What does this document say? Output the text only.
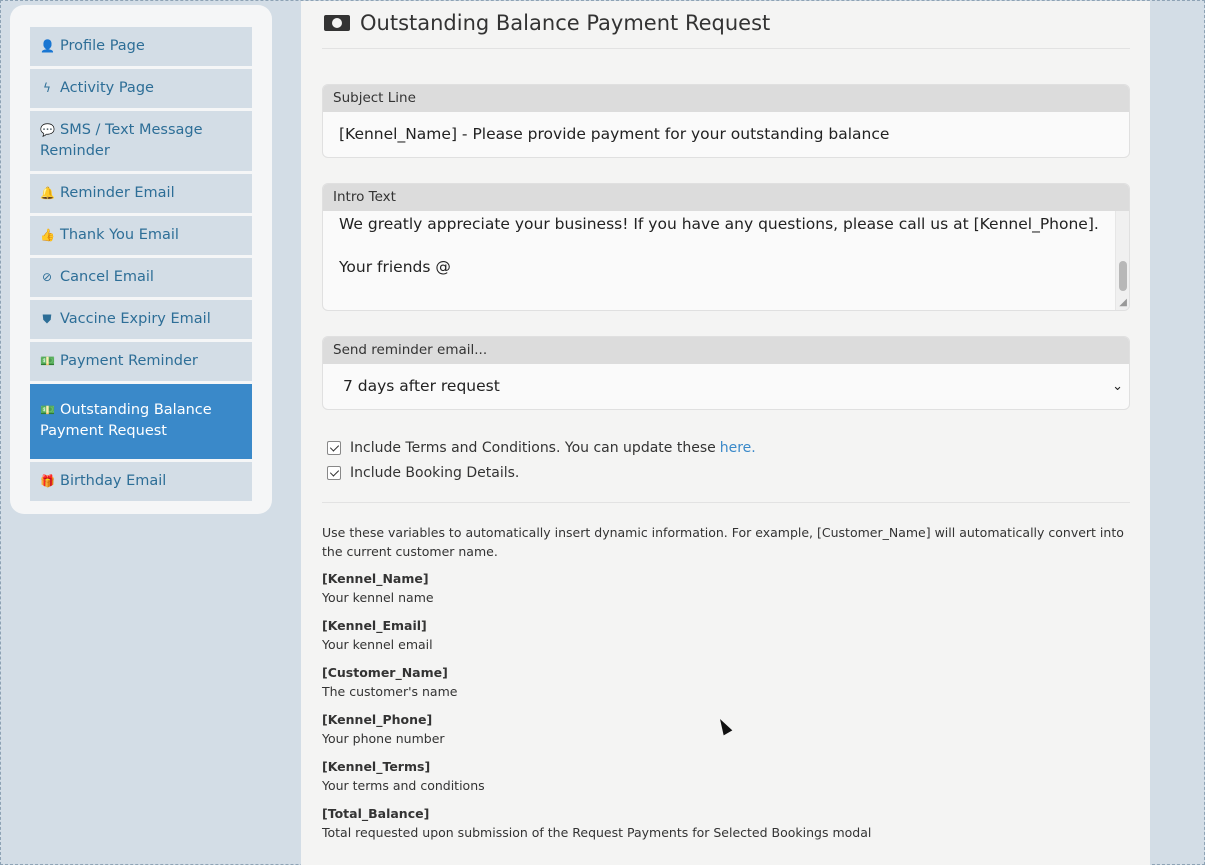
👤 Profile Page
ϟ Activity Page
💬 SMS / Text Message Reminder
🔔 Reminder Email
👍 Thank You Email
⊘ Cancel Email
⛊ Vaccine Expiry Email
💵 Payment Reminder
💵 Outstanding Balance Payment Request
🎁 Birthday Email
Outstanding Balance Payment Request
Subject Line
[Kennel_Name] - Please provide payment for your outstanding balance
Intro Text
We greatly appreciate your business! If you have any questions, please call us at [Kennel_Phone].
Your friends @
◢
Send reminder email...
7 days after request	⌄
Include Terms and Conditions. You can update these here.
Include Booking Details.
Use these variables to automatically insert dynamic information. For example, [Customer_Name] will automatically convert into the current customer name.
[Kennel_Name]
Your kennel name
[Kennel_Email]
Your kennel email
[Customer_Name]
The customer's name
[Kennel_Phone]
Your phone number
[Kennel_Terms]
Your terms and conditions
[Total_Balance]
Total requested upon submission of the Request Payments for Selected Bookings modal
